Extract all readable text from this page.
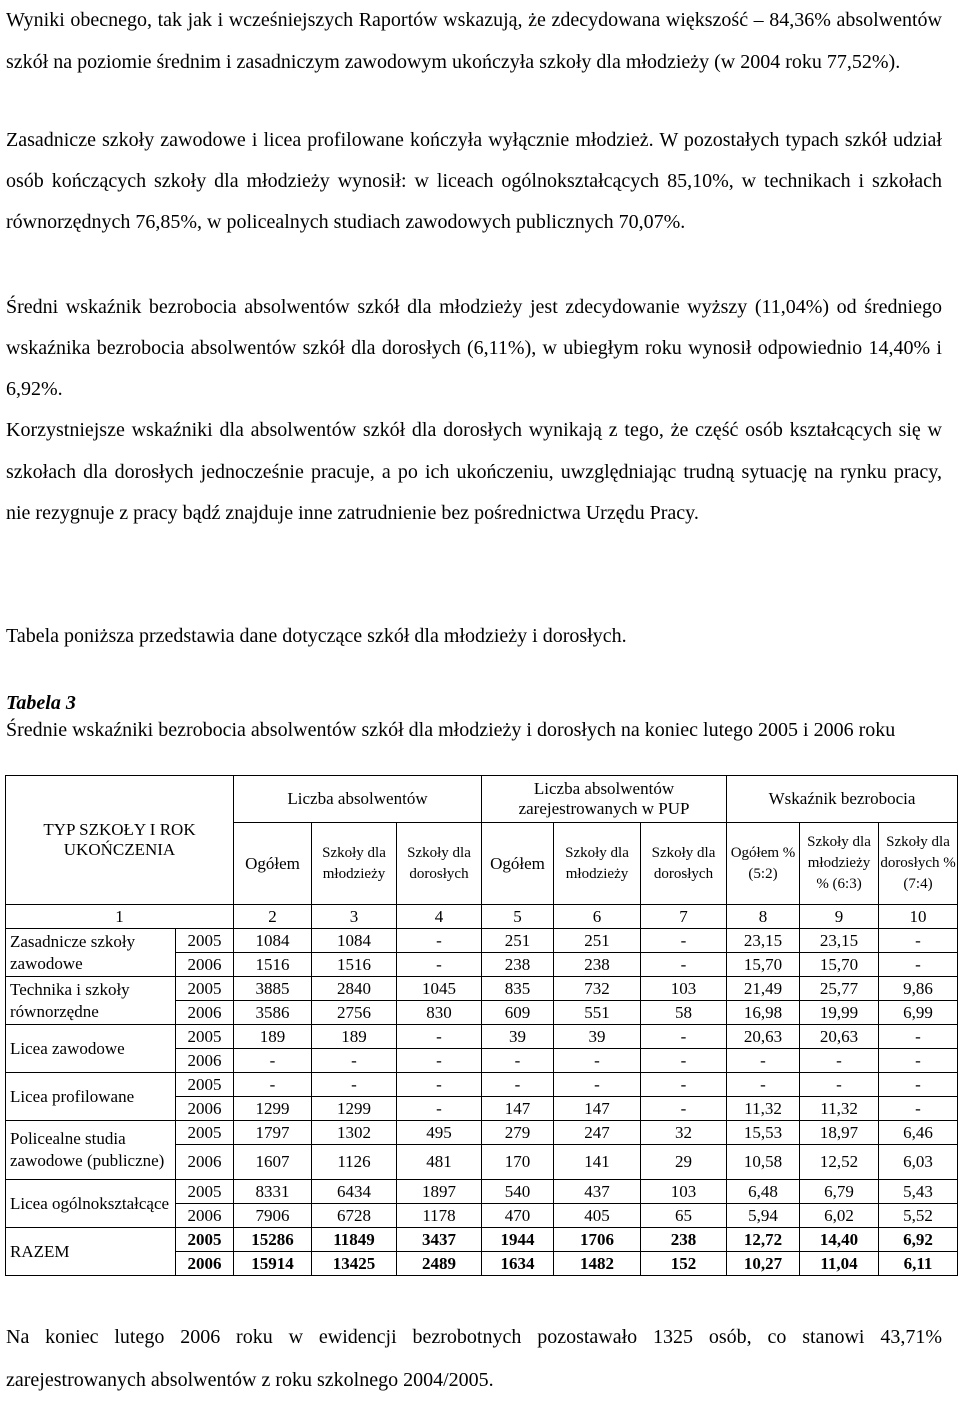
Wyniki obecnego, tak jak i wcześniejszych Raportów wskazują, że zdecydowana większość – 84,36% absolwentów szkół na poziomie średnim i zasadniczym zawodowym ukończyła szkoły dla młodzieży (w 2004 roku 77,52%).

Zasadnicze szkoły zawodowe i licea profilowane kończyła wyłącznie młodzież. W pozostałych typach szkół udział osób kończących szkoły dla młodzieży wynosił: w liceach ogólnokształcących 85,10%, w technikach i szkołach równorzędnych 76,85%, w policealnych studiach zawodowych publicznych 70,07%.

Średni wskaźnik bezrobocia absolwentów szkół dla młodzieży jest zdecydowanie wyższy (11,04%) od średniego wskaźnika bezrobocia absolwentów szkół dla dorosłych (6,11%), w ubiegłym roku wynosił odpowiednio 14,40% i 6,92%.

Korzystniejsze wskaźniki dla absolwentów szkół dla dorosłych wynikają z tego, że część osób kształcących się w szkołach dla dorosłych jednocześnie pracuje, a po ich ukończeniu, uwzględniając trudną sytuację na rynku pracy, nie rezygnuje z pracy bądź znajduje inne zatrudnienie bez pośrednictwa Urzędu Pracy.

Tabela poniższa przedstawia dane dotyczące szkół dla młodzieży i dorosłych.

Tabela 3
Średnie wskaźniki bezrobocia absolwentów szkół dla młodzieży i dorosłych na koniec lutego 2005 i 2006 roku
TYP SZKOŁY I ROK UKOŃCZENIA		Liczba absolwentów			Liczba absolwentów zarejestrowanych w PUP			Wskaźnik bezrobocia		
		Ogółem	Szkoły dla młodzieży	Szkoły dla dorosłych	Ogółem	Szkoły dla młodzieży	Szkoły dla dorosłych	Ogółem % (5:2)	Szkoły dla młodzieży % (6:3)	Szkoły dla dorosłych % (7:4)
1		2	3	4	5	6	7	8	9	10
Zasadnicze szkoły zawodowe	2005	1084	1084	-	251	251	-	23,15	23,15	-
	2006	1516	1516	-	238	238	-	15,70	15,70	-
Technika i szkoły równorzędne	2005	3885	2840	1045	835	732	103	21,49	25,77	9,86
	2006	3586	2756	830	609	551	58	16,98	19,99	6,99
Licea zawodowe	2005	189	189	-	39	39	-	20,63	20,63	-
	2006	-	-	-	-	-	-	-	-	-
Licea profilowane	2005	-	-	-	-	-	-	-	-	-
	2006	1299	1299	-	147	147	-	11,32	11,32	-
Policealne studia zawodowe (publiczne)	2005	1797	1302	495	279	247	32	15,53	18,97	6,46
	2006	1607	1126	481	170	141	29	10,58	12,52	6,03
Licea ogólnokształcące	2005	8331	6434	1897	540	437	103	6,48	6,79	5,43
	2006	7906	6728	1178	470	405	65	5,94	6,02	5,52
RAZEM	2005	15286	11849	3437	1944	1706	238	12,72	14,40	6,92
	2006	15914	13425	2489	1634	1482	152	10,27	11,04	6,11

Na koniec lutego 2006 roku w ewidencji bezrobotnych pozostawało 1325 osób, co stanowi 43,71% zarejestrowanych absolwentów z roku szkolnego 2004/2005.
